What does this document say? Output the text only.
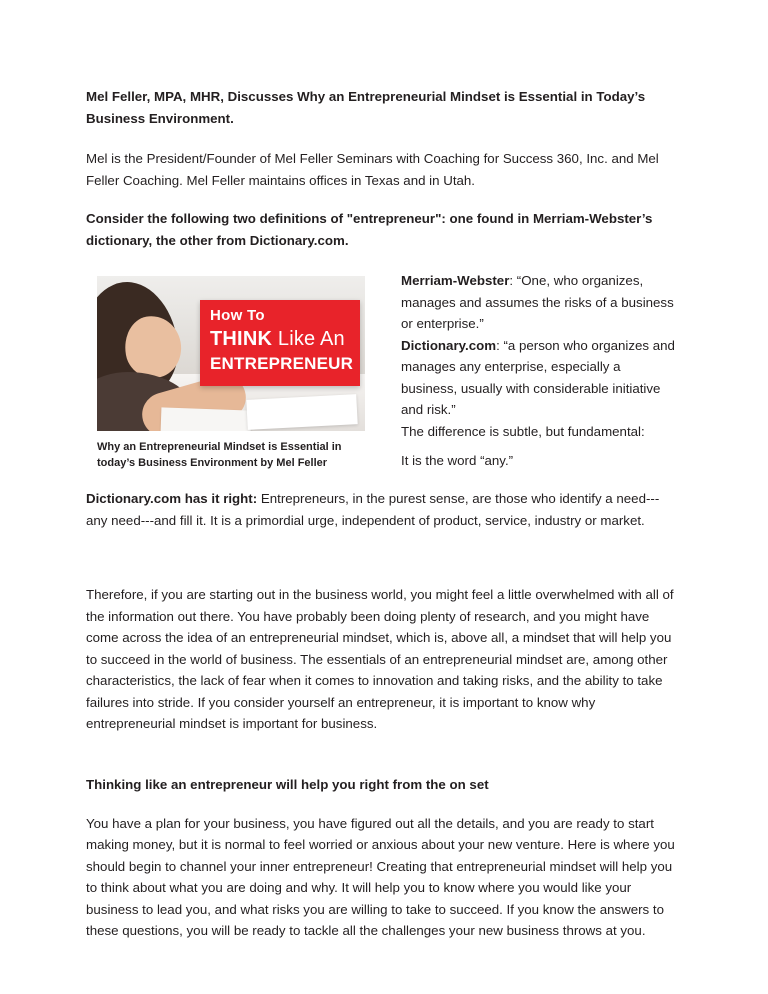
Mel Feller, MPA, MHR, Discusses Why an Entrepreneurial Mindset is Essential in Today’s Business Environment.

Mel is the President/Founder of Mel Feller Seminars with Coaching for Success 360, Inc. and Mel Feller Coaching. Mel Feller maintains offices in Texas and in Utah.

Consider the following two definitions of "entrepreneur": one found in Merriam-Webster’s dictionary, the other from Dictionary.com.

How To
THINK Like An
ENTREPRENEUR
Why an Entrepreneurial Mindset is Essential in today’s Business Environment by Mel Feller

Merriam-Webster: “One, who organizes, manages and assumes the risks of a business or enterprise.”

Dictionary.com: “a person who organizes and manages any enterprise, especially a business, usually with considerable initiative and risk.”

The difference is subtle, but fundamental:

It is the word “any.”

Dictionary.com has it right: Entrepreneurs, in the purest sense, are those who identify a need---any need---and fill it. It is a primordial urge, independent of product, service, industry or market.

Therefore, if you are starting out in the business world, you might feel a little overwhelmed with all of the information out there. You have probably been doing plenty of research, and you might have come across the idea of an entrepreneurial mindset, which is, above all, a mindset that will help you to succeed in the world of business. The essentials of an entrepreneurial mindset are, among other characteristics, the lack of fear when it comes to innovation and taking risks, and the ability to take failures into stride. If you consider yourself an entrepreneur, it is important to know why entrepreneurial mindset is important for business.

Thinking like an entrepreneur will help you right from the on set

You have a plan for your business, you have figured out all the details, and you are ready to start making money, but it is normal to feel worried or anxious about your new venture. Here is where you should begin to channel your inner entrepreneur! Creating that entrepreneurial mindset will help you to think about what you are doing and why. It will help you to know where you would like your business to lead you, and what risks you are willing to take to succeed. If you know the answers to these questions, you will be ready to tackle all the challenges your new business throws at you.
